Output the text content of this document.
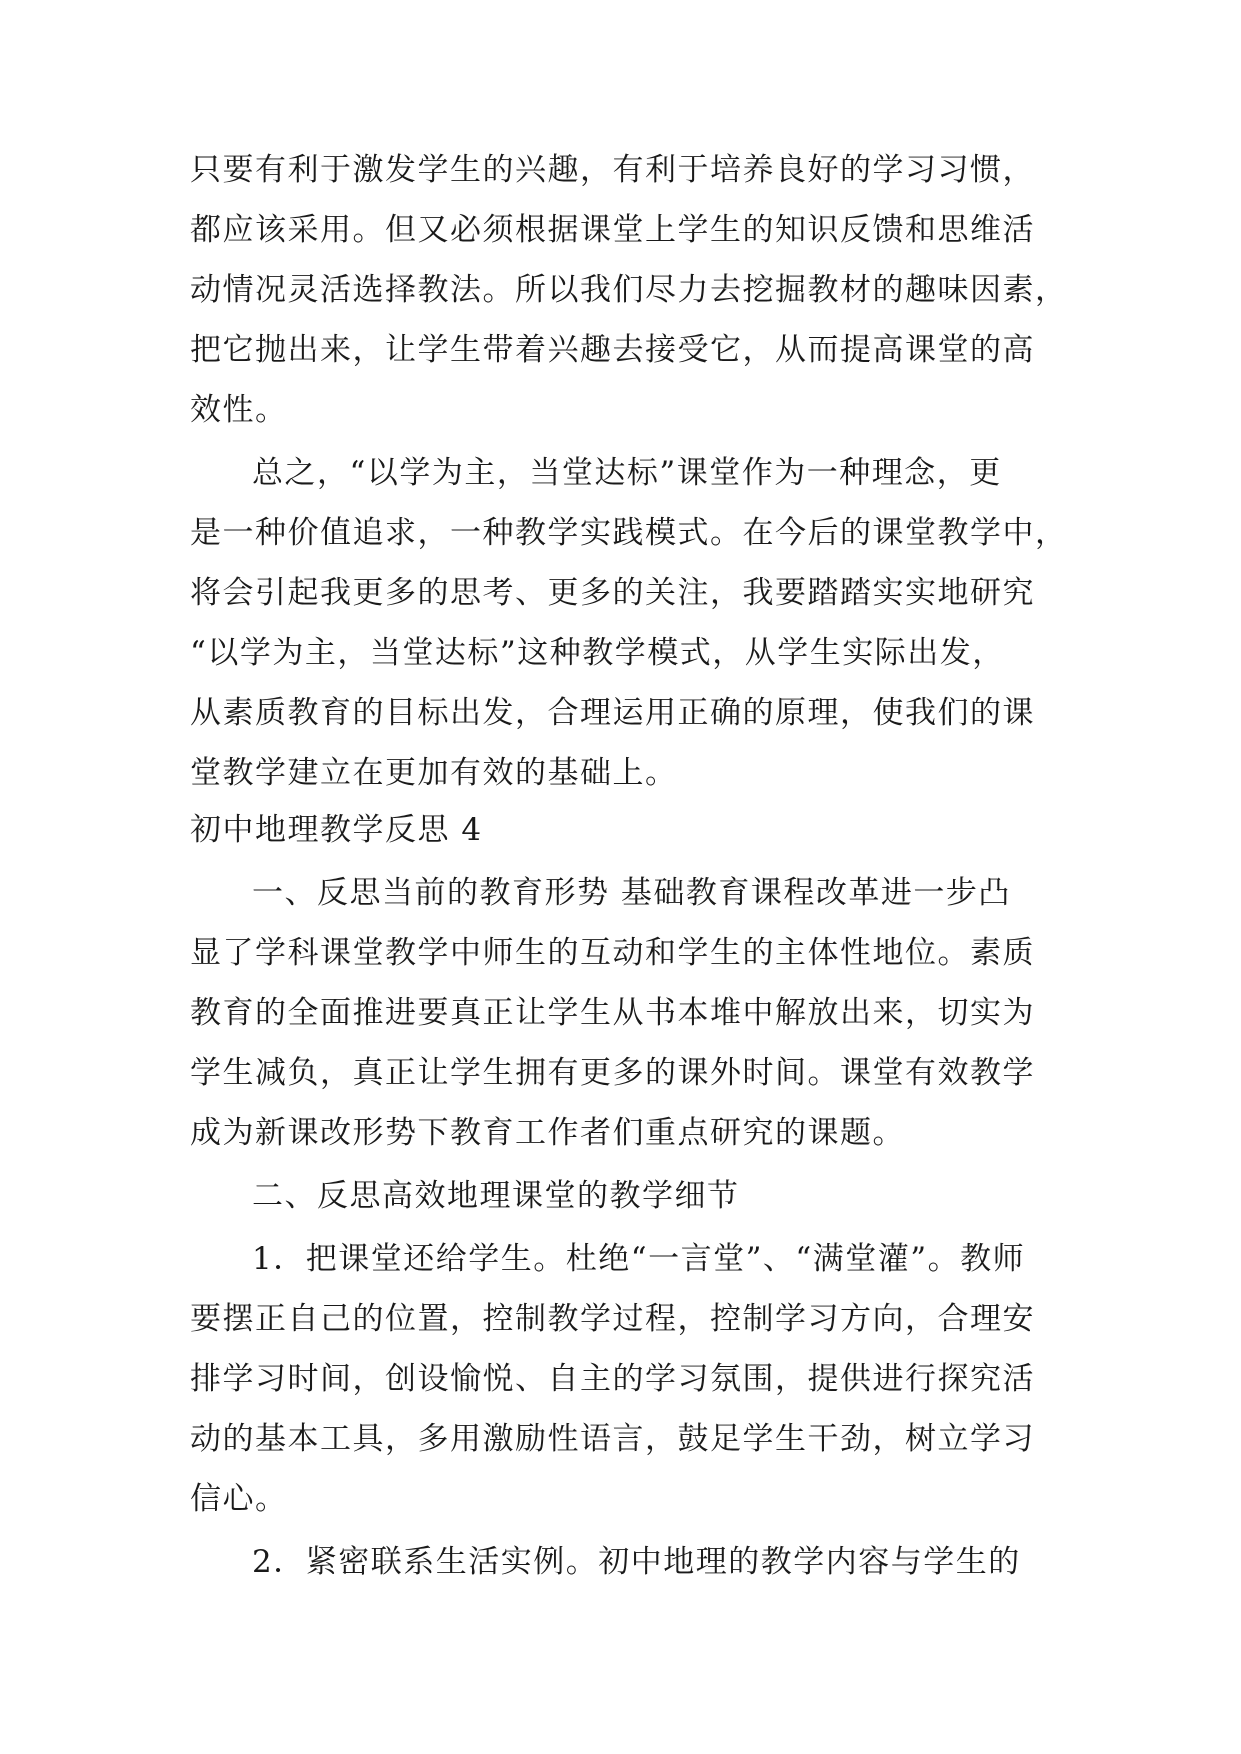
只要有利于激发学生的兴趣，有利于培养良好的学习习惯，
都应该采用。但又必须根据课堂上学生的知识反馈和思维活
动情况灵活选择教法。所以我们尽力去挖掘教材的趣味因素，
把它抛出来，让学生带着兴趣去接受它，从而提高课堂的高
效性。
总之，“以学为主，当堂达标”课堂作为一种理念，更
是一种价值追求，一种教学实践模式。在今后的课堂教学中，
将会引起我更多的思考、更多的关注，我要踏踏实实地研究
“以学为主，当堂达标”这种教学模式，从学生实际出发，
从素质教育的目标出发，合理运用正确的原理，使我们的课
堂教学建立在更加有效的基础上。
初中地理教学反思 4
一、反思当前的教育形势 基础教育课程改革进一步凸
显了学科课堂教学中师生的互动和学生的主体性地位。素质
教育的全面推进要真正让学生从书本堆中解放出来，切实为
学生减负，真正让学生拥有更多的课外时间。课堂有效教学
成为新课改形势下教育工作者们重点研究的课题。
二、反思高效地理课堂的教学细节
1．把课堂还给学生。杜绝“一言堂”、“满堂灌”。教师
要摆正自己的位置，控制教学过程，控制学习方向，合理安
排学习时间，创设愉悦、自主的学习氛围，提供进行探究活
动的基本工具，多用激励性语言，鼓足学生干劲，树立学习
信心。
2．紧密联系生活实例。初中地理的教学内容与学生的
